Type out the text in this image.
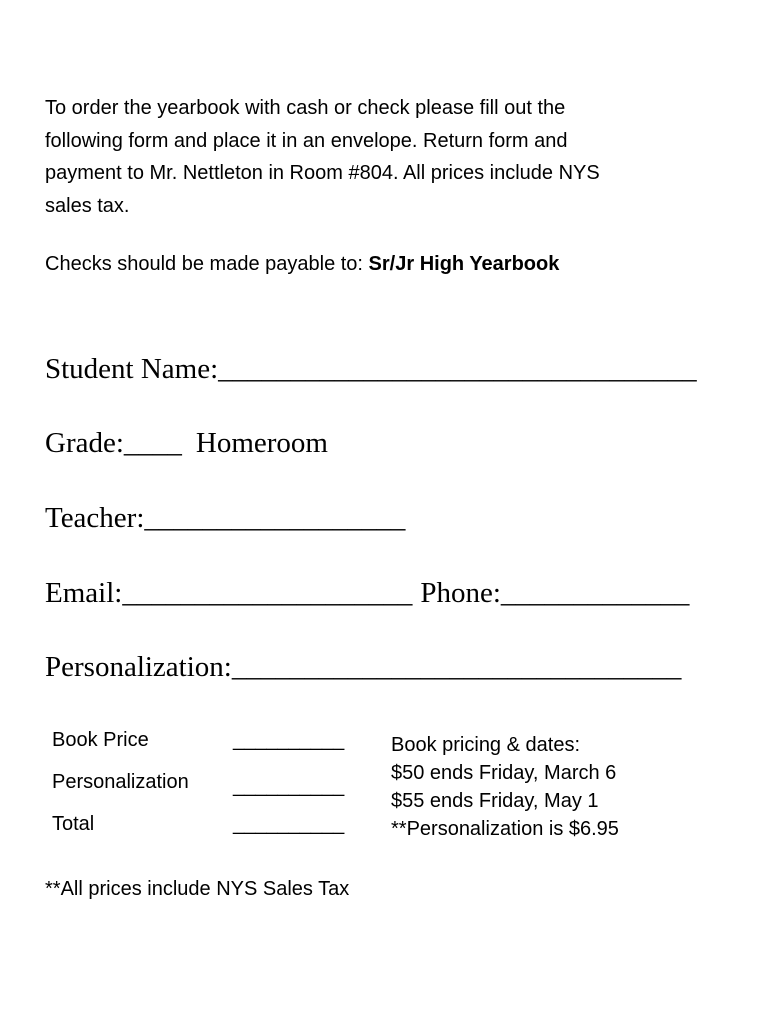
To order the yearbook with cash or check please fill out the
following form and place it in an envelope. Return form and
payment to Mr. Nettleton in Room #804. All prices include NYS
sales tax.
Checks should be made payable to: Sr/Jr High Yearbook
Student Name:_________________________________
Grade:____ Homeroom
Teacher:__________________
Email:____________________ Phone:_____________
Personalization:_______________________________
Book Price	__________
Personalization __________
Total	__________
Book pricing & dates:
$50 ends Friday, March 6
$55 ends Friday, May 1
**Personalization is $6.95
**All prices include NYS Sales Tax
